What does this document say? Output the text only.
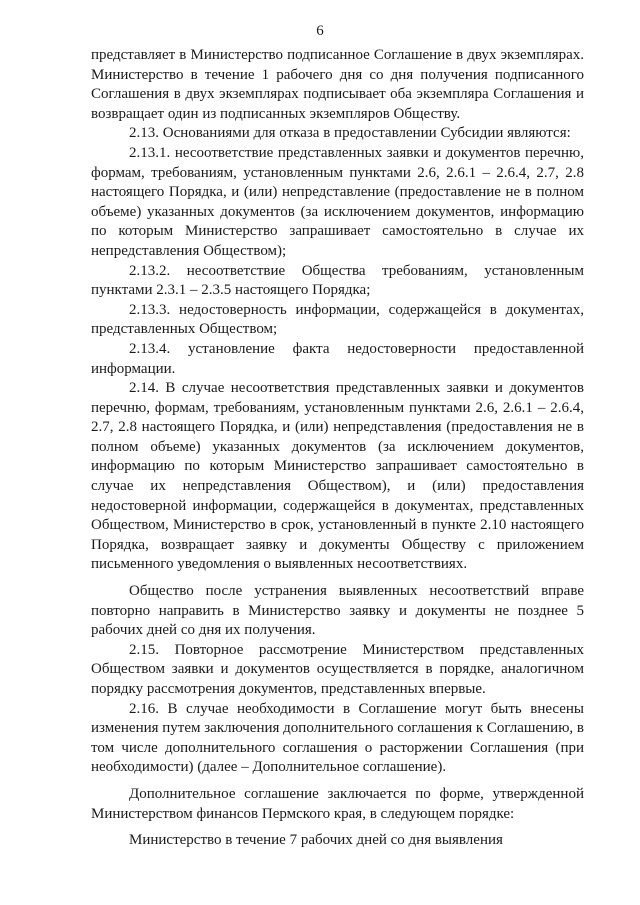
6

представляет в Министерство подписанное Соглашение в двух экземплярах. Министерство в течение 1 рабочего дня со дня получения подписанного Соглашения в двух экземплярах подписывает оба экземпляра Соглашения и возвращает один из подписанных экземпляров Обществу.

2.13. Основаниями для отказа в предоставлении Субсидии являются:

2.13.1. несоответствие представленных заявки и документов перечню, формам, требованиям, установленным пунктами 2.6, 2.6.1 – 2.6.4, 2.7, 2.8 настоящего Порядка, и (или) непредставление (предоставление не в полном объеме) указанных документов (за исключением документов, информацию по которым Министерство запрашивает самостоятельно в случае их непредставления Обществом);

2.13.2. несоответствие Общества требованиям, установленным пунктами 2.3.1 – 2.3.5 настоящего Порядка;

2.13.3. недостоверность информации, содержащейся в документах, представленных Обществом;

2.13.4. установление факта недостоверности предоставленной информации.

2.14. В случае несоответствия представленных заявки и документов перечню, формам, требованиям, установленным пунктами 2.6, 2.6.1 – 2.6.4, 2.7, 2.8 настоящего Порядка, и (или) непредставления (предоставления не в полном объеме) указанных документов (за исключением документов, информацию по которым Министерство запрашивает самостоятельно в случае их непредставления Обществом), и (или) предоставления недостоверной информации, содержащейся в документах, представленных Обществом, Министерство в срок, установленный в пункте 2.10 настоящего Порядка, возвращает заявку и документы Обществу с приложением письменного уведомления о выявленных несоответствиях.

Общество после устранения выявленных несоответствий вправе повторно направить в Министерство заявку и документы не позднее 5 рабочих дней со дня их получения.

2.15. Повторное рассмотрение Министерством представленных Обществом заявки и документов осуществляется в порядке, аналогичном порядку рассмотрения документов, представленных впервые.

2.16. В случае необходимости в Соглашение могут быть внесены изменения путем заключения дополнительного соглашения к Соглашению, в том числе дополнительного соглашения о расторжении Соглашения (при необходимости) (далее – Дополнительное соглашение).

Дополнительное соглашение заключается по форме, утвержденной Министерством финансов Пермского края, в следующем порядке:

Министерство в течение 7 рабочих дней со дня выявления
